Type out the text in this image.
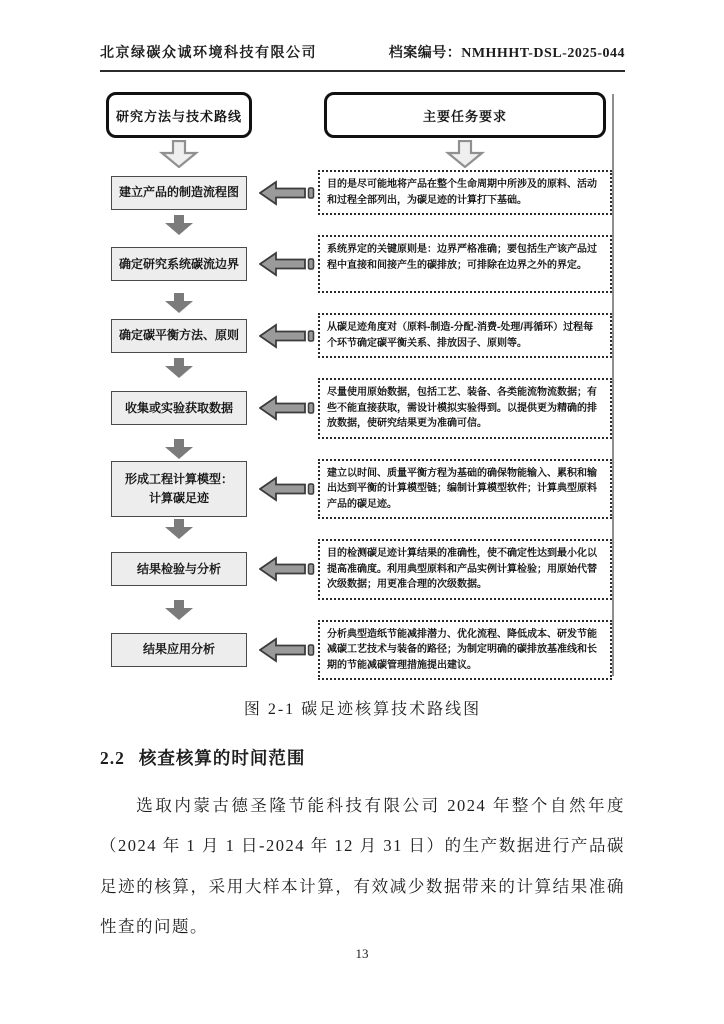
北京绿碳众诚环境科技有限公司	档案编号：NMHHHT-DSL-2025-044
研究方法与技术路线	主要任务要求
建立产品的制造流程图
目的是尽可能地将产品在整个生命周期中所涉及的原料、活动和过程全部列出，为碳足迹的计算打下基础。
确定研究系统碳流边界
系统界定的关键原则是：边界严格准确；要包括生产该产品过程中直接和间接产生的碳排放；可排除在边界之外的界定。
确定碳平衡方法、原则
从碳足迹角度对（原料-制造-分配-消费-处理/再循环）过程每个环节确定碳平衡关系、排放因子、原则等。
收集或实验获取数据
尽量使用原始数据，包括工艺、装备、各类能流物流数据；有些不能直接获取，需设计模拟实验得到。以提供更为精确的排放数据，使研究结果更为准确可信。
形成工程计算模型：
计算碳足迹
建立以时间、质量平衡方程为基础的确保物能输入、累积和输出达到平衡的计算模型链；编制计算模型软件；计算典型原料产品的碳足迹。
结果检验与分析
目的检测碳足迹计算结果的准确性，使不确定性达到最小化以提高准确度。利用典型原料和产品实例计算检验；用原始代替次级数据；用更准合理的次级数据。
结果应用分析
分析典型造纸节能减排潜力、优化流程、降低成本、研发节能减碳工艺技术与装备的路径；为制定明确的碳排放基准线和长期的节能减碳管理措施提出建议。
图 2-1 碳足迹核算技术路线图
2.2 核查核算的时间范围
选取内蒙古德圣隆节能科技有限公司 2024 年整个自然年度（2024 年 1 月 1 日-2024 年 12 月 31 日）的生产数据进行产品碳足迹的核算，采用大样本计算，有效减少数据带来的计算结果准确性查的问题。
13
